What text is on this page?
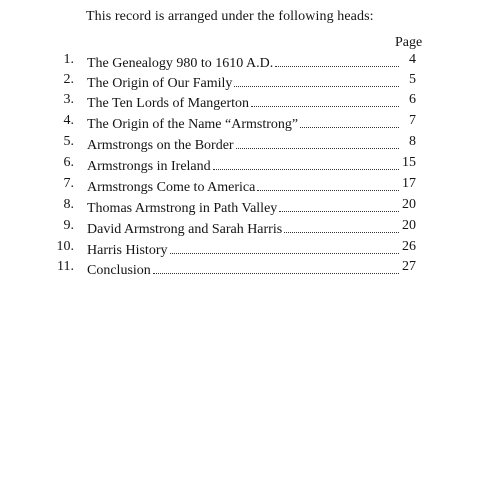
This record is arranged under the following heads:
Page
1. The Genealogy 980 to 1610 A.D.	4
2. The Origin of Our Family	5
3. The Ten Lords of Mangerton	6
4. The Origin of the Name “Armstrong”	7
5. Armstrongs on the Border	8
6. Armstrongs in Ireland	15
7. Armstrongs Come to America	17
8. Thomas Armstrong in Path Valley	20
9. David Armstrong and Sarah Harris	20
10. Harris History	26
11. Conclusion	27
